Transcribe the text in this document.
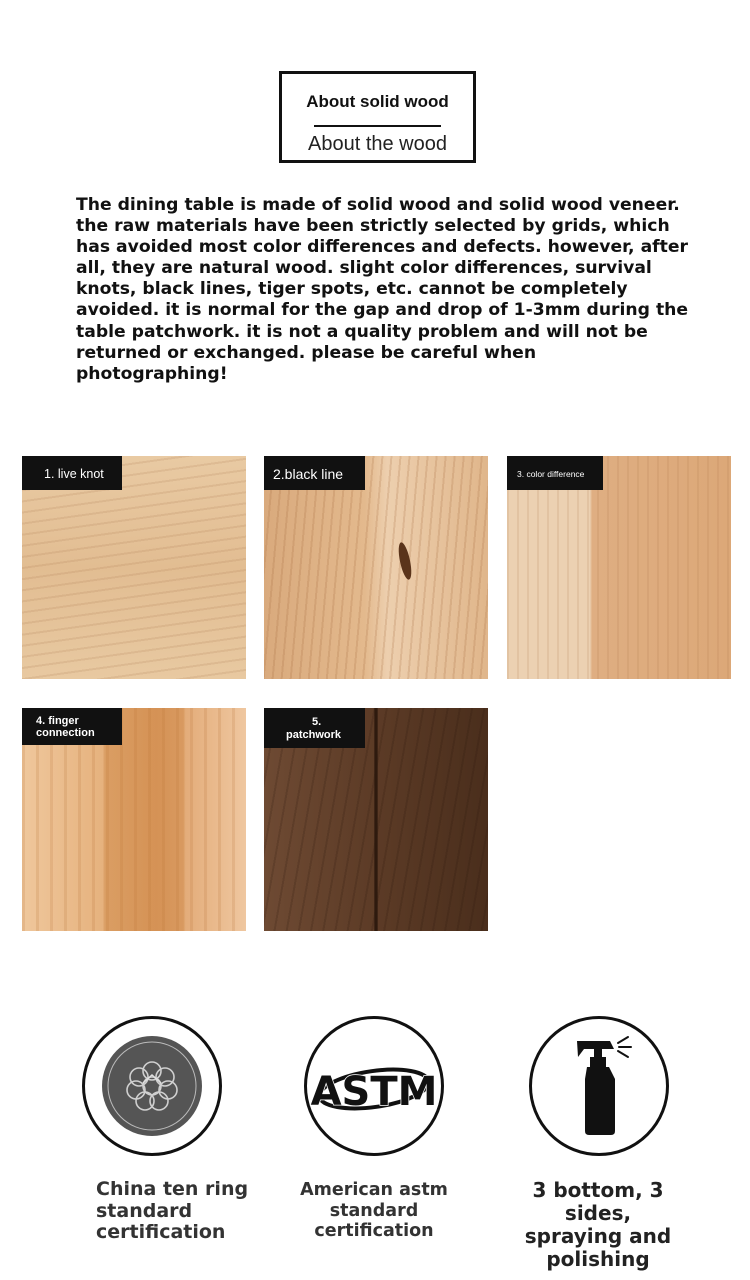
About solid wood
About the wood
The dining table is made of solid wood and solid wood veneer.
the raw materials have been strictly selected by grids, which
has avoided most color differences and defects. however, after
all, they are natural wood. slight color differences, survival
knots, black lines, tiger spots, etc. cannot be completely
avoided. it is normal for the gap and drop of 1-3mm during the
table patchwork. it is not a quality problem and will not be
returned or exchanged. please be careful when
photographing!
1. live knot	2.black line	3. color difference
4. finger
connection
5.
patchwork
ASTM
China ten ring
standard
certification
American astm
standard
certification
3 bottom, 3 sides,
spraying and
polishing
